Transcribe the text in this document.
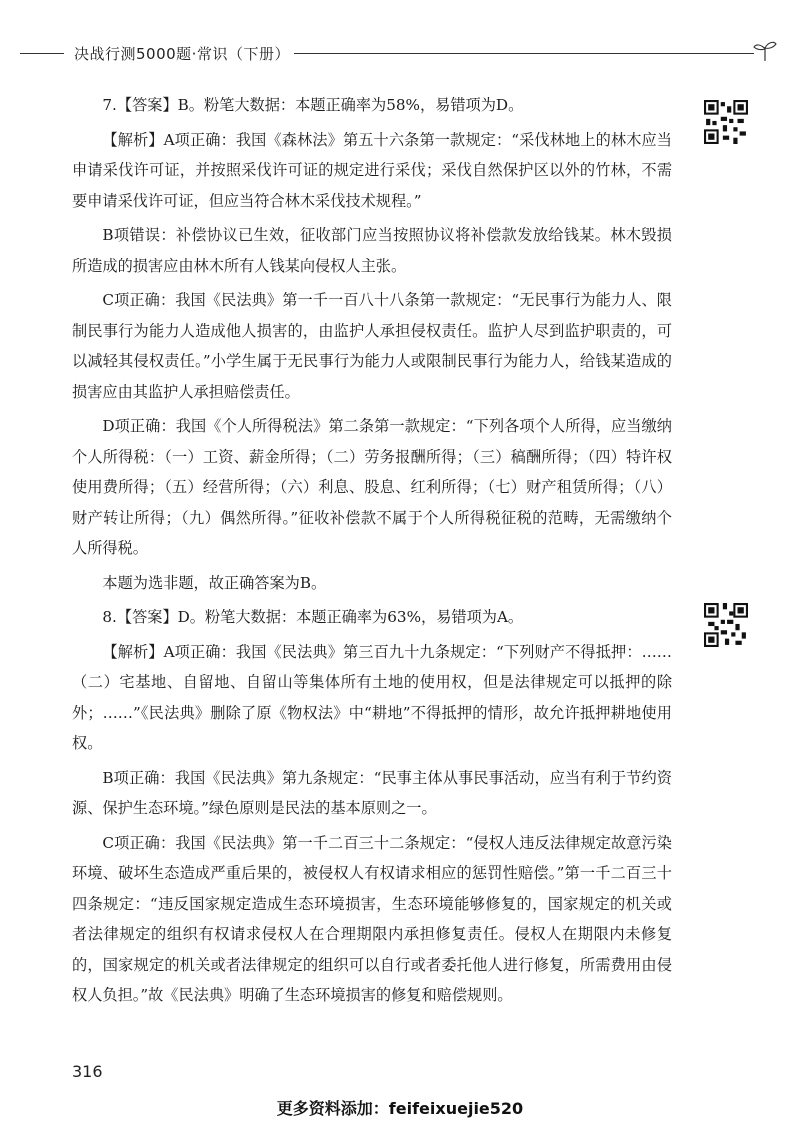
决战行测5000题·常识（下册）

7.【答案】B。粉笔大数据：本题正确率为58%，易错项为D。

【解析】A项正确：我国《森林法》第五十六条第一款规定：“采伐林地上的林木应当申请采伐许可证，并按照采伐许可证的规定进行采伐；采伐自然保护区以外的竹林，不需要申请采伐许可证，但应当符合林木采伐技术规程。”

B项错误：补偿协议已生效，征收部门应当按照协议将补偿款发放给钱某。林木毁损所造成的损害应由林木所有人钱某向侵权人主张。

C项正确：我国《民法典》第一千一百八十八条第一款规定：“无民事行为能力人、限制民事行为能力人造成他人损害的，由监护人承担侵权责任。监护人尽到监护职责的，可以减轻其侵权责任。”小学生属于无民事行为能力人或限制民事行为能力人，给钱某造成的损害应由其监护人承担赔偿责任。

D项正确：我国《个人所得税法》第二条第一款规定：“下列各项个人所得，应当缴纳个人所得税：（一）工资、薪金所得；（二）劳务报酬所得；（三）稿酬所得；（四）特许权使用费所得；（五）经营所得；（六）利息、股息、红利所得；（七）财产租赁所得；（八）财产转让所得；（九）偶然所得。”征收补偿款不属于个人所得税征税的范畴，无需缴纳个人所得税。

本题为选非题，故正确答案为B。

8.【答案】D。粉笔大数据：本题正确率为63%，易错项为A。

【解析】A项正确：我国《民法典》第三百九十九条规定：“下列财产不得抵押：……（二）宅基地、自留地、自留山等集体所有土地的使用权，但是法律规定可以抵押的除外；……”《民法典》删除了原《物权法》中“耕地”不得抵押的情形，故允许抵押耕地使用权。

B项正确：我国《民法典》第九条规定：“民事主体从事民事活动，应当有利于节约资源、保护生态环境。”绿色原则是民法的基本原则之一。

C项正确：我国《民法典》第一千二百三十二条规定：“侵权人违反法律规定故意污染环境、破坏生态造成严重后果的，被侵权人有权请求相应的惩罚性赔偿。”第一千二百三十四条规定：“违反国家规定造成生态环境损害，生态环境能够修复的，国家规定的机关或者法律规定的组织有权请求侵权人在合理期限内承担修复责任。侵权人在期限内未修复的，国家规定的机关或者法律规定的组织可以自行或者委托他人进行修复，所需费用由侵权人负担。”故《民法典》明确了生态环境损害的修复和赔偿规则。

316
更多资料添加：feifeixuejie520
